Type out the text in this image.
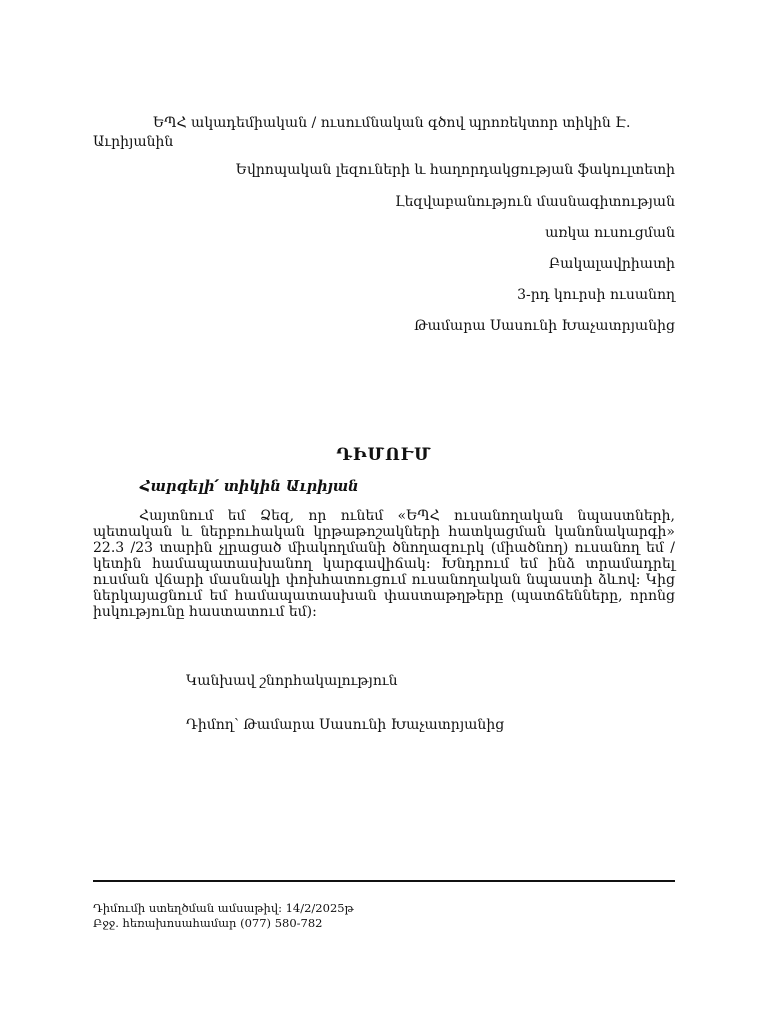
ԵՊՀ ակադեմիական / ուսումնական գծով պրոռեկտոր տիկին Է. Աւրիյանին
Եվրոպական լեզուների և հաղորդակցության ֆակուլտետի
Լեզվաբանություն մասնագիտության
առկա ուսուցման
Բակալավրիատի
3-րդ կուրսի ուսանող
Թամարա Սասունի Խաչատրյանից
ԴԻՄՈՒՄ
Հարգելի՛ տիկին Աւրիյան
Հայտնում եմ Ձեզ, որ ունեմ «ԵՊՀ ուսանողական նպաստների, պետական և ներբուհական կրթաթոշակների հատկացման կանոնակարգի» 22.3 /23 տարին չլրացած միակողմանի ծնողազուրկ (միածնող) ուսանող եմ / կետին համապատասխանող կարգավիճակ: Խնդրում եմ ինձ տրամադրել ուսման վճարի մասնակի փոխհատուցում ուսանողական նպաստի ձևով: Կից ներկայացնում եմ համապատասխան փաստաթղթերը (պատճենները, որոնց իսկությունը հաստատում եմ):
Կանխավ շնորհակալություն
Դիմող՝ Թամարա Սասունի Խաչատրյանից
Դիմումի ստեղծման ամսաթիվ: 14/2/2025թ
Բջջ. հեռախոսահամար (077) 580-782
